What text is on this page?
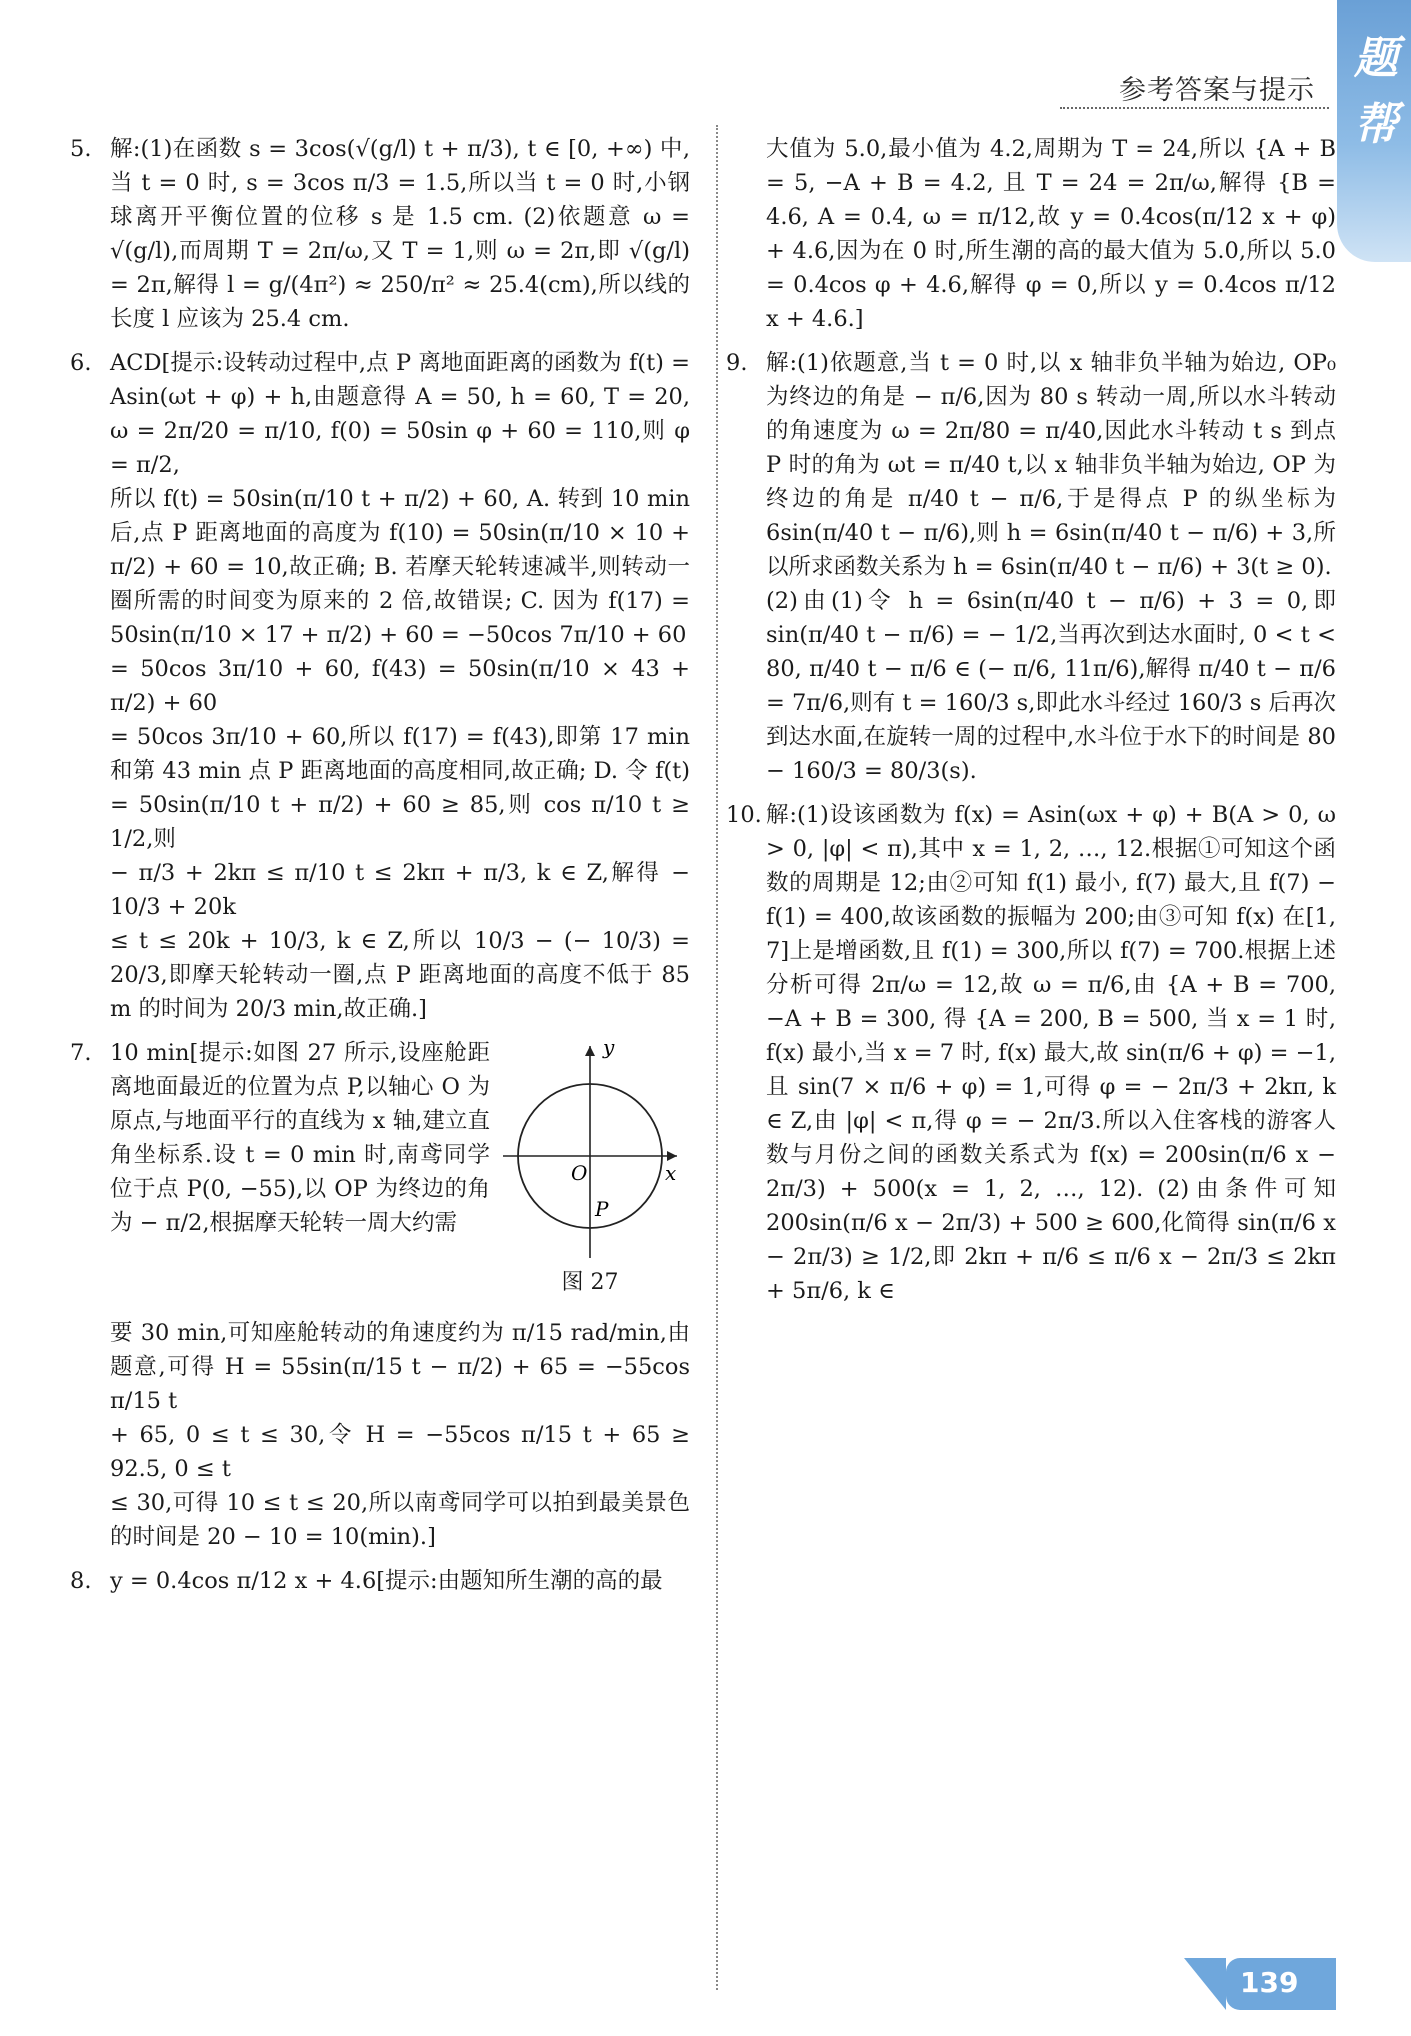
题
帮
参考答案与提示
5. 解:(1)在函数 s = 3cos(√(g/l) t + π/3), t ∈ [0, +∞) 中,当 t = 0 时, s = 3cos π/3 = 1.5,所以当 t = 0 时,小钢球离开平衡位置的位移 s 是 1.5 cm. (2)依题意 ω = √(g/l),而周期 T = 2π/ω,又 T = 1,则 ω = 2π,即 √(g/l) = 2π,解得 l = g/(4π²) ≈ 250/π² ≈ 25.4(cm),所以线的长度 l 应该为 25.4 cm.
6. ACD[提示:设转动过程中,点 P 离地面距离的函数为 f(t) = Asin(ωt + φ) + h,由题意得 A = 50, h = 60, T = 20, ω = 2π/20 = π/10, f(0) = 50sin φ + 60 = 110,则 φ = π/2,
所以 f(t) = 50sin(π/10 t + π/2) + 60, A. 转到 10 min 后,点 P 距离地面的高度为 f(10) = 50sin(π/10 × 10 + π/2) + 60 = 10,故正确; B. 若摩天轮转速减半,则转动一圈所需的时间变为原来的 2 倍,故错误; C. 因为 f(17) = 50sin(π/10 × 17 + π/2) + 60 = −50cos 7π/10 + 60
= 50cos 3π/10 + 60, f(43) = 50sin(π/10 × 43 + π/2) + 60
= 50cos 3π/10 + 60,所以 f(17) = f(43),即第 17 min 和第 43 min 点 P 距离地面的高度相同,故正确; D. 令 f(t) = 50sin(π/10 t + π/2) + 60 ≥ 85,则 cos π/10 t ≥ 1/2,则
− π/3 + 2kπ ≤ π/10 t ≤ 2kπ + π/3, k ∈ Z,解得 − 10/3 + 20k
≤ t ≤ 20k + 10/3, k ∈ Z,所以 10/3 − (− 10/3) = 20/3,即摩天轮转动一圈,点 P 距离地面的高度不低于 85 m 的时间为 20/3 min,故正确.]
7. 10 min[提示:如图 27 所示,设座舱距离地面最近的位置为点 P,以轴心 O 为原点,与地面平行的直线为 x 轴,建立直角坐标系.设 t = 0 min 时,南鸢同学位于点 P(0, −55),以 OP 为终边的角为 − π/2,根据摩天轮转一周大约需
y
x
O
P
图 27
要 30 min,可知座舱转动的角速度约为 π/15 rad/min,由题意,可得 H = 55sin(π/15 t − π/2) + 65 = −55cos π/15 t
+ 65, 0 ≤ t ≤ 30,令 H = −55cos π/15 t + 65 ≥ 92.5, 0 ≤ t
≤ 30,可得 10 ≤ t ≤ 20,所以南鸢同学可以拍到最美景色的时间是 20 − 10 = 10(min).]
8. y = 0.4cos π/12 x + 4.6[提示:由题知所生潮的高的最
大值为 5.0,最小值为 4.2,周期为 T = 24,所以 {A + B = 5, −A + B = 4.2, 且 T = 24 = 2π/ω,解得 {B = 4.6, A = 0.4, ω = π/12,故 y = 0.4cos(π/12 x + φ) + 4.6,因为在 0 时,所生潮的高的最大值为 5.0,所以 5.0 = 0.4cos φ + 4.6,解得 φ = 0,所以 y = 0.4cos π/12 x + 4.6.]
9. 解:(1)依题意,当 t = 0 时,以 x 轴非负半轴为始边, OP₀ 为终边的角是 − π/6,因为 80 s 转动一周,所以水斗转动的角速度为 ω = 2π/80 = π/40,因此水斗转动 t s 到点 P 时的角为 ωt = π/40 t,以 x 轴非负半轴为始边, OP 为终边的角是 π/40 t − π/6,于是得点 P 的纵坐标为 6sin(π/40 t − π/6),则 h = 6sin(π/40 t − π/6) + 3,所以所求函数关系为 h = 6sin(π/40 t − π/6) + 3(t ≥ 0).
(2)由(1)令 h = 6sin(π/40 t − π/6) + 3 = 0,即 sin(π/40 t − π/6) = − 1/2,当再次到达水面时, 0 < t < 80, π/40 t − π/6 ∈ (− π/6, 11π/6),解得 π/40 t − π/6 = 7π/6,则有 t = 160/3 s,即此水斗经过 160/3 s 后再次到达水面,在旋转一周的过程中,水斗位于水下的时间是 80 − 160/3 = 80/3(s).
10. 解:(1)设该函数为 f(x) = Asin(ωx + φ) + B(A > 0, ω > 0, |φ| < π),其中 x = 1, 2, …, 12.根据①可知这个函数的周期是 12;由②可知 f(1) 最小, f(7) 最大,且 f(7) − f(1) = 400,故该函数的振幅为 200;由③可知 f(x) 在[1, 7]上是增函数,且 f(1) = 300,所以 f(7) = 700.根据上述分析可得 2π/ω = 12,故 ω = π/6,由 {A + B = 700, −A + B = 300, 得 {A = 200, B = 500, 当 x = 1 时, f(x) 最小,当 x = 7 时, f(x) 最大,故 sin(π/6 + φ) = −1,且 sin(7 × π/6 + φ) = 1,可得 φ = − 2π/3 + 2kπ, k ∈ Z,由 |φ| < π,得 φ = − 2π/3.所以入住客栈的游客人数与月份之间的函数关系式为 f(x) = 200sin(π/6 x − 2π/3) + 500(x = 1, 2, …, 12). (2)由条件可知 200sin(π/6 x − 2π/3) + 500 ≥ 600,化简得 sin(π/6 x − 2π/3) ≥ 1/2,即 2kπ + π/6 ≤ π/6 x − 2π/3 ≤ 2kπ + 5π/6, k ∈
139
